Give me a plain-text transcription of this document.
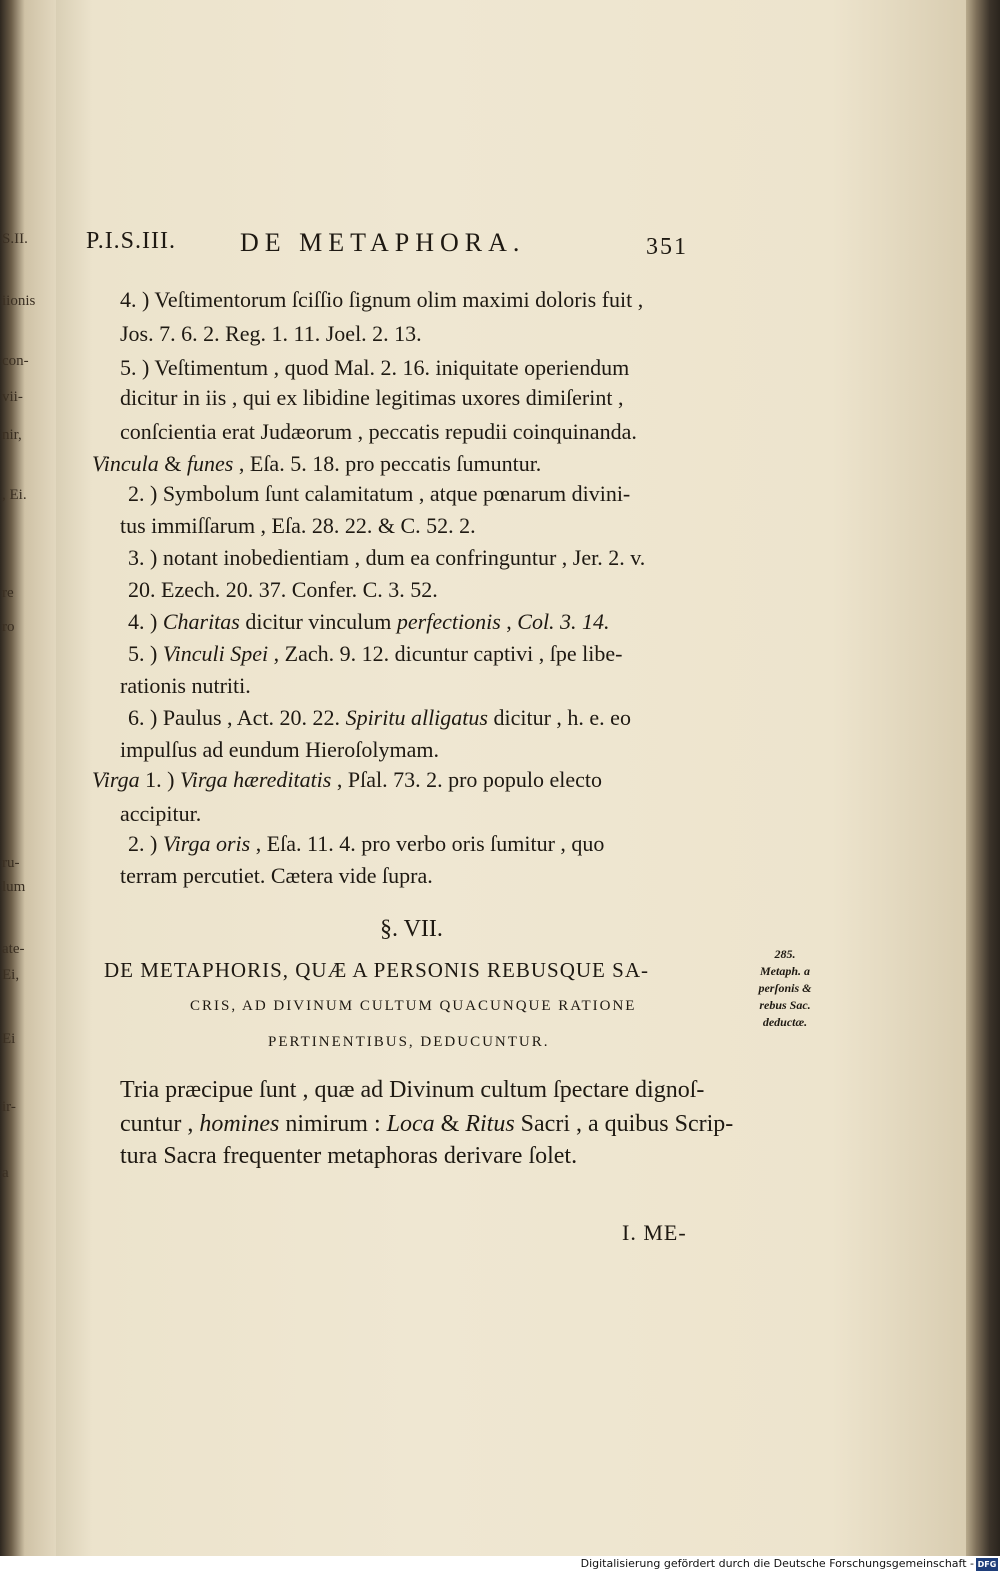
S.II.
iionis
con-
vii-
nir,
, Ei.
re
ro
ru-
lum
ate-
Ei,
Ei
ir-
a
P.I.S.III. DE METAPHORA.	351
4. ) Veſtimentorum ſciſſio ſignum olim maximi doloris fuit ,
Jos. 7. 6. 2. Reg. 1. 11. Joel. 2. 13.
5. ) Veſtimentum , quod Mal. 2. 16. iniquitate operiendum
dicitur in iis , qui ex libidine legitimas uxores dimiſerint ,
conſcientia erat Judæorum , peccatis repudii coinquinanda.
Vincula & funes , Eſa. 5. 18. pro peccatis ſumuntur.
2. ) Symbolum ſunt calamitatum , atque pœnarum divini-
tus immiſſarum , Eſa. 28. 22. & C. 52. 2.
3. ) notant inobedientiam , dum ea confringuntur , Jer. 2. v.
20. Ezech. 20. 37. Confer. C. 3. 52.
4. ) Charitas dicitur vinculum perfectionis , Col. 3. 14.
5. ) Vinculi Spei , Zach. 9. 12. dicuntur captivi , ſpe libe-
rationis nutriti.
6. ) Paulus , Act. 20. 22. Spiritu alligatus dicitur , h. e. eo
impulſus ad eundum Hieroſolymam.
Virga 1. ) Virga hæreditatis , Pſal. 73. 2. pro populo electo
accipitur.
2. ) Virga oris , Eſa. 11. 4. pro verbo oris ſumitur , quo
terram percutiet. Cætera vide ſupra.
§. VII.
DE METAPHORIS, QUÆ A PERSONIS REBUSQUE SA-
CRIS, AD DIVINUM CULTUM QUACUNQUE RATIONE
PERTINENTIBUS, DEDUCUNTUR.
285.
Metaph. a
perſonis &
rebus Sac.
deductæ.
Tria præcipue ſunt , quæ ad Divinum cultum ſpectare dignoſ-
cuntur , homines nimirum : Loca & Ritus Sacri , a quibus Scrip-
tura Sacra frequenter metaphoras derivare ſolet.
I. ME-
Digitalisierung gefördert durch die Deutsche Forschungsgemeinschaft - DFG
